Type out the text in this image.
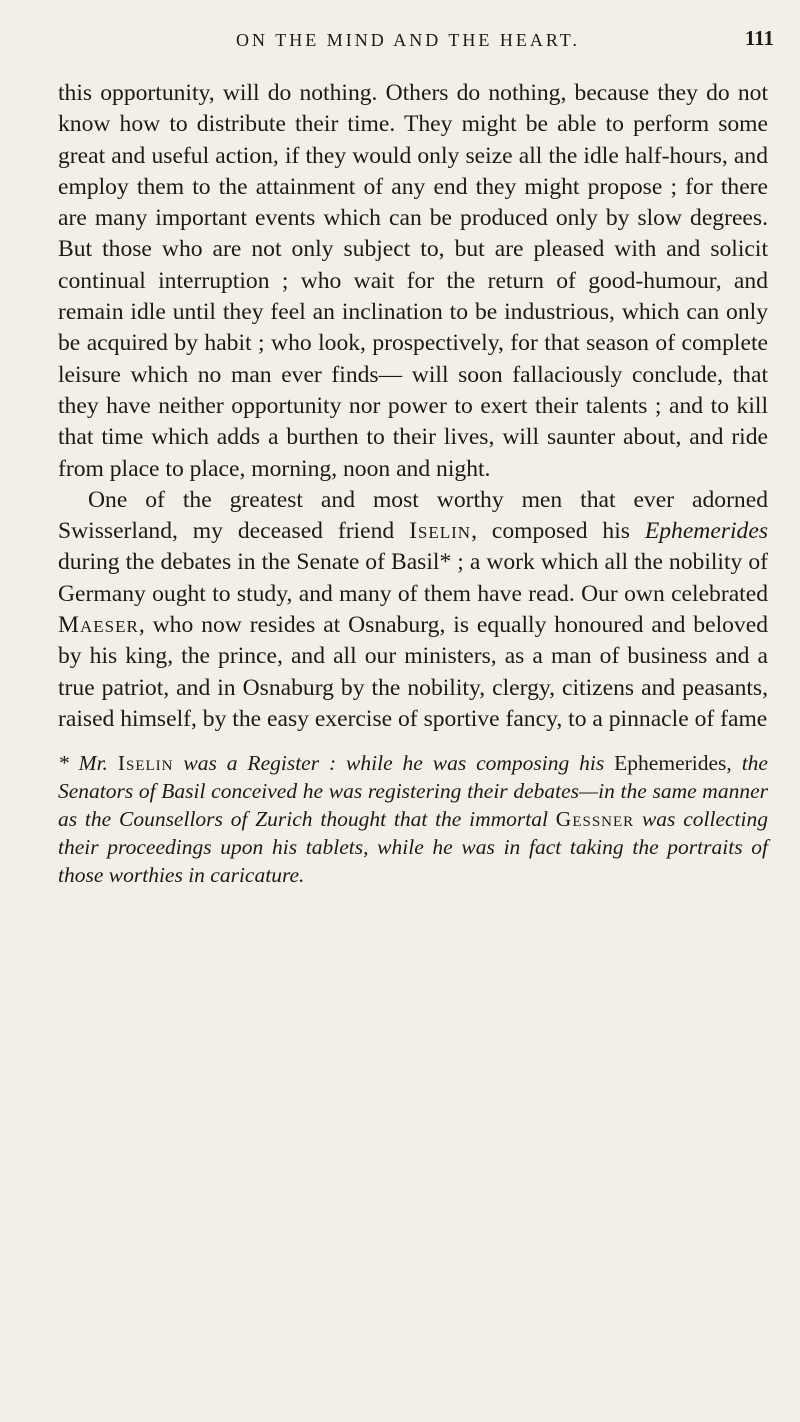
ON THE MIND AND THE HEART.	111

this opportunity, will do nothing. Others do nothing, because they do not know how to distribute their time. They might be able to perform some great and useful action, if they would only seize all the idle half-hours, and employ them to the attainment of any end they might propose ; for there are many important events which can be produced only by slow degrees. But those who are not only subject to, but are pleased with and solicit continual interruption ; who wait for the return of good-humour, and remain idle until they feel an inclination to be industrious, which can only be acquired by habit ; who look, prospectively, for that season of complete leisure which no man ever finds— will soon fallaciously conclude, that they have neither opportunity nor power to exert their talents ; and to kill that time which adds a burthen to their lives, will saunter about, and ride from place to place, morning, noon and night.

One of the greatest and most worthy men that ever adorned Swisserland, my deceased friend Iselin, composed his Ephemerides during the debates in the Senate of Basil* ; a work which all the nobility of Germany ought to study, and many of them have read. Our own celebrated Maeser, who now resides at Osnaburg, is equally honoured and beloved by his king, the prince, and all our ministers, as a man of business and a true patriot, and in Osnaburg by the nobility, clergy, citizens and peasants, raised himself, by the easy exercise of sportive fancy, to a pinnacle of fame

* Mr. Iselin was a Register : while he was composing his Ephemerides, the Senators of Basil conceived he was registering their debates—in the same manner as the Counsellors of Zurich thought that the immortal Gessner was collecting their proceedings upon his tablets, while he was in fact taking the portraits of those worthies in caricature.
